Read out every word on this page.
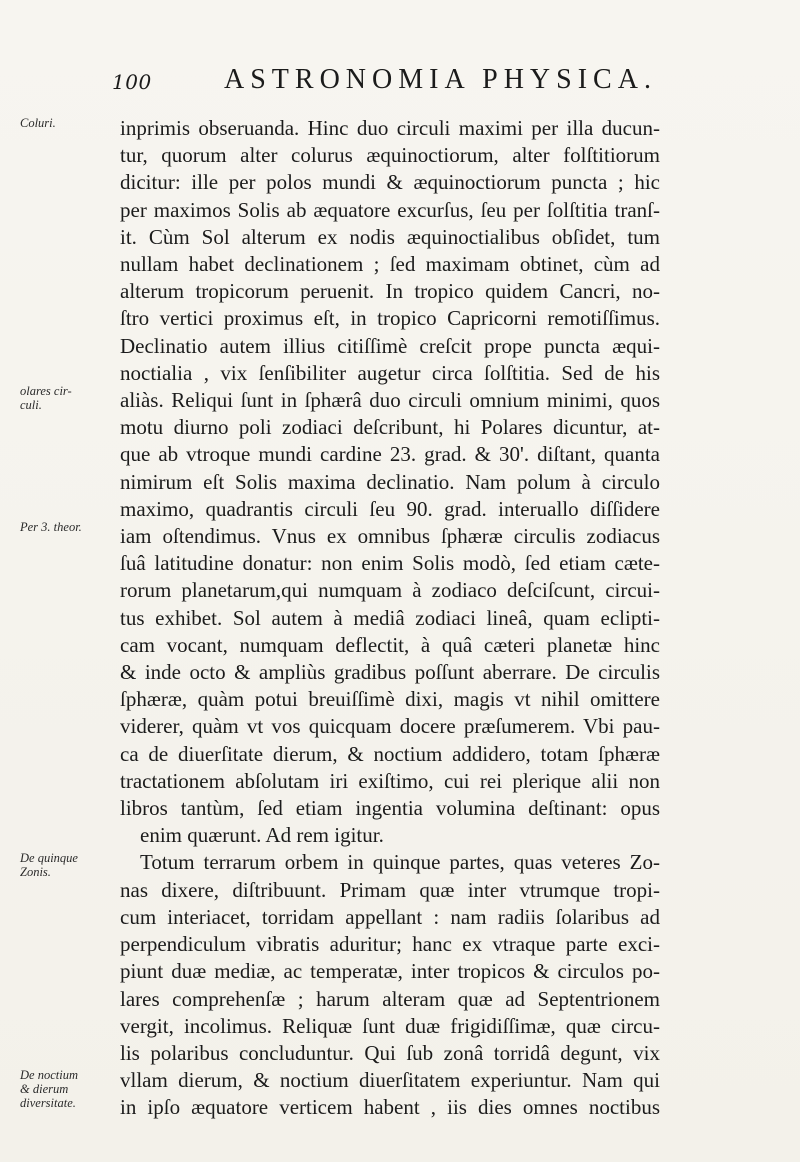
100	ASTRONOMIA PHYSICA.
Coluri.
olares cir-
culi.
Per 3. theor.
De quinque
Zonis.
De noctium
& dierum
diversitate.
inprimis obseruanda. Hinc duo circuli maximi per illa ducun-
tur, quorum alter colurus æquinoctiorum, alter folſtitiorum
dicitur: ille per polos mundi & æquinoctiorum puncta ; hic
per maximos Solis ab æquatore excurſus, ſeu per ſolſtitia tranſ-
it. Cùm Sol alterum ex nodis æquinoctialibus obſidet, tum
nullam habet declinationem ; ſed maximam obtinet, cùm ad
alterum tropicorum peruenit. In tropico quidem Cancri, no-
ſtro vertici proximus eſt, in tropico Capricorni remotiſſimus.
Declinatio autem illius citiſſimè creſcit prope puncta æqui-
noctialia , vix ſenſibiliter augetur circa ſolſtitia. Sed de his
aliàs. Reliqui ſunt in ſphærâ duo circuli omnium minimi, quos
motu diurno poli zodiaci deſcribunt, hi Polares dicuntur, at-
que ab vtroque mundi cardine 23. grad. & 30'. diſtant, quanta
nimirum eſt Solis maxima declinatio. Nam polum à circulo
maximo, quadrantis circuli ſeu 90. grad. interuallo diſſidere
iam oſtendimus. Vnus ex omnibus ſphæræ circulis zodiacus
ſuâ latitudine donatur: non enim Solis modò, ſed etiam cæte-
rorum planetarum,qui numquam à zodiaco deſciſcunt, circui-
tus exhibet. Sol autem à mediâ zodiaci lineâ, quam eclipti-
cam vocant, numquam deflectit, à quâ cæteri planetæ hinc
& inde octo & ampliùs gradibus poſſunt aberrare. De circulis
ſphæræ, quàm potui breuiſſimè dixi, magis vt nihil omittere
viderer, quàm vt vos quicquam docere præſumerem. Vbi pau-
ca de diuerſitate dierum, & noctium addidero, totam ſphæræ
tractationem abſolutam iri exiſtimo, cui rei plerique alii non
libros tantùm, ſed etiam ingentia volumina deſtinant: opus
enim quærunt. Ad rem igitur.
Totum terrarum orbem in quinque partes, quas veteres Zo-
nas dixere, diſtribuunt. Primam quæ inter vtrumque tropi-
cum interiacet, torridam appellant : nam radiis ſolaribus ad
perpendiculum vibratis aduritur; hanc ex vtraque parte exci-
piunt duæ mediæ, ac temperatæ, inter tropicos & circulos po-
lares comprehenſæ ; harum alteram quæ ad Septentrionem
vergit, incolimus. Reliquæ ſunt duæ frigidiſſimæ, quæ circu-
lis polaribus concluduntur. Qui ſub zonâ torridâ degunt, vix
vllam dierum, & noctium diuerſitatem experiuntur. Nam qui
in ipſo æquatore verticem habent , iis dies omnes noctibus
